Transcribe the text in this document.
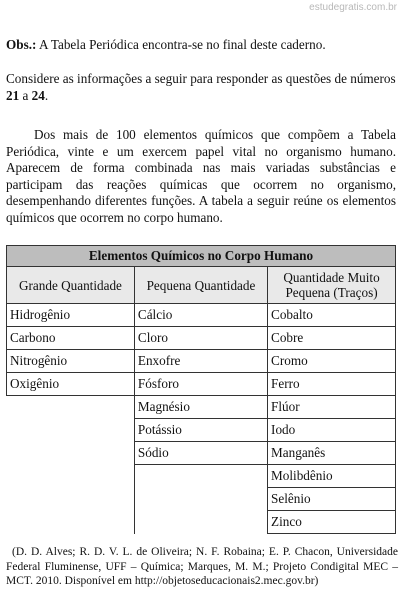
estudegratis.com.br

Obs.: A Tabela Periódica encontra-se no final deste caderno.

Considere as informações a seguir para responder as questões de números 21 a 24.

Dos mais de 100 elementos químicos que compõem a Tabela Periódica, vinte e um exercem papel vital no organismo humano. Aparecem de forma combinada nas mais variadas substâncias e participam das reações químicas que ocorrem no organismo, desempenhando diferentes funções. A tabela a seguir reúne os elementos químicos que ocorrem no corpo humano.

Elementos Químicos no Corpo Humano		
Grande Quantidade	Pequena Quantidade	Quantidade Muito Pequena (Traços)
Hidrogênio	Cálcio	Cobalto
Carbono	Cloro	Cobre
Nitrogênio	Enxofre	Cromo
Oxigênio	Fósforo	Ferro
	Magnésio	Flúor
	Potássio	Iodo
	Sódio	Manganês
		Molibdênio
		Selênio
		Zinco

(D. D. Alves; R. D. V. L. de Oliveira; N. F. Robaina; E. P. Chacon, Universidade Federal Fluminense, UFF – Química; Marques, M. M.; Projeto Condigital MEC – MCT. 2010. Disponível em http://objetoseducacionais2.mec.gov.br)
